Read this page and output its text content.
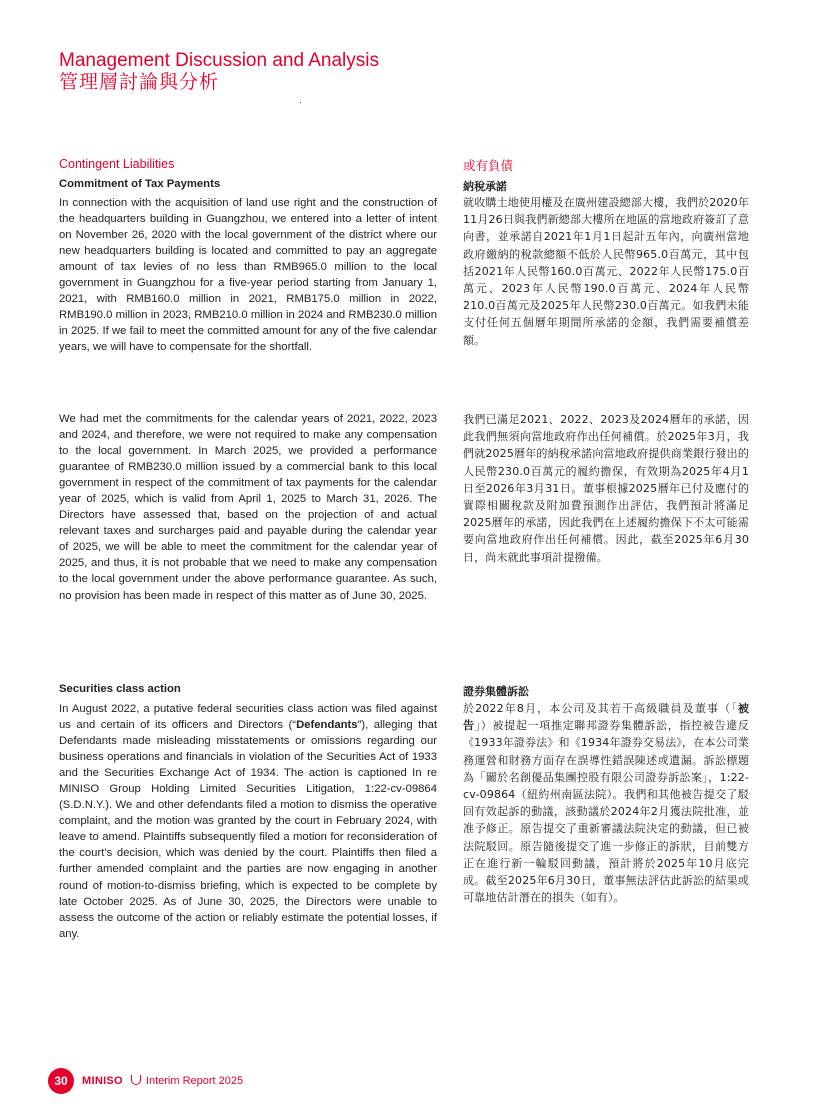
Management Discussion and Analysis
管理層討論與分析
Contingent Liabilities	或有負債
Commitment of Tax Payments	納稅承諾

In connection with the acquisition of land use right and the construction of the headquarters building in Guangzhou, we entered into a letter of intent on November 26, 2020 with the local government of the district where our new headquarters building is located and committed to pay an aggregate amount of tax levies of no less than RMB965.0 million to the local government in Guangzhou for a five-year period starting from January 1, 2021, with RMB160.0 million in 2021, RMB175.0 million in 2022, RMB190.0 million in 2023, RMB210.0 million in 2024 and RMB230.0 million in 2025. If we fail to meet the committed amount for any of the five calendar years, we will have to compensate for the shortfall.

就收購土地使用權及在廣州建設總部大樓，我們於2020年11月26日與我們新總部大樓所在地區的當地政府簽訂了意向書，並承諾自2021年1月1日起計五年內，向廣州當地政府繳納的稅款總額不低於人民幣965.0百萬元，其中包括2021年人民幣160.0百萬元、2022年人民幣175.0百萬元、2023年人民幣190.0百萬元、2024年人民幣210.0百萬元及2025年人民幣230.0百萬元。如我們未能支付任何五個曆年期間所承諾的金額，我們需要補償差額。

We had met the commitments for the calendar years of 2021, 2022, 2023 and 2024, and therefore, we were not required to make any compensation to the local government. In March 2025, we provided a performance guarantee of RMB230.0 million issued by a commercial bank to this local government in respect of the commitment of tax payments for the calendar year of 2025, which is valid from April 1, 2025 to March 31, 2026. The Directors have assessed that, based on the projection of and actual relevant taxes and surcharges paid and payable during the calendar year of 2025, we will be able to meet the commitment for the calendar year of 2025, and thus, it is not probable that we need to make any compensation to the local government under the above performance guarantee. As such, no provision has been made in respect of this matter as of June 30, 2025.

我們已滿足2021、2022、2023及2024曆年的承諾，因此我們無須向當地政府作出任何補償。於2025年3月，我們就2025曆年的納稅承諾向當地政府提供商業銀行發出的人民幣230.0百萬元的履約擔保，有效期為2025年4月1日至2026年3月31日。董事根據2025曆年已付及應付的實際相關稅款及附加費預測作出評估，我們預計將滿足2025曆年的承諾，因此我們在上述履約擔保下不太可能需要向當地政府作出任何補償。因此，截至2025年6月30日，尚未就此事項計提撥備。

Securities class action	證券集體訴訟

In August 2022, a putative federal securities class action was filed against us and certain of its officers and Directors (“Defendants”), alleging that Defendants made misleading misstatements or omissions regarding our business operations and financials in violation of the Securities Act of 1933 and the Securities Exchange Act of 1934. The action is captioned In re MINISO Group Holding Limited Securities Litigation, 1:22-cv-09864 (S.D.N.Y.). We and other defendants filed a motion to dismiss the operative complaint, and the motion was granted by the court in February 2024, with leave to amend. Plaintiffs subsequently filed a motion for reconsideration of the court’s decision, which was denied by the court. Plaintiffs then filed a further amended complaint and the parties are now engaging in another round of motion-to-dismiss briefing, which is expected to be complete by late October 2025. As of June 30, 2025, the Directors were unable to assess the outcome of the action or reliably estimate the potential losses, if any.

於2022年8月，本公司及其若干高級職員及董事（「被告」）被提起一項推定聯邦證券集體訴訟，指控被告違反《1933年證券法》和《1934年證券交易法》，在本公司業務運營和財務方面存在誤導性錯誤陳述或遺漏。訴訟標題為「關於名創優品集團控股有限公司證券訴訟案」，1:22-cv-09864（紐約州南區法院）。我們和其他被告提交了駁回有效起訴的動議，該動議於2024年2月獲法院批准，並准予修正。原告提交了重新審議法院決定的動議，但已被法院駁回。原告隨後提交了進一步修正的訴狀，目前雙方正在進行新一輪駁回動議，預計將於2025年10月底完成。截至2025年6月30日，董事無法評估此訴訟的結果或可靠地估計潛在的損失（如有）。

30	MINISO Interim Report 2025
